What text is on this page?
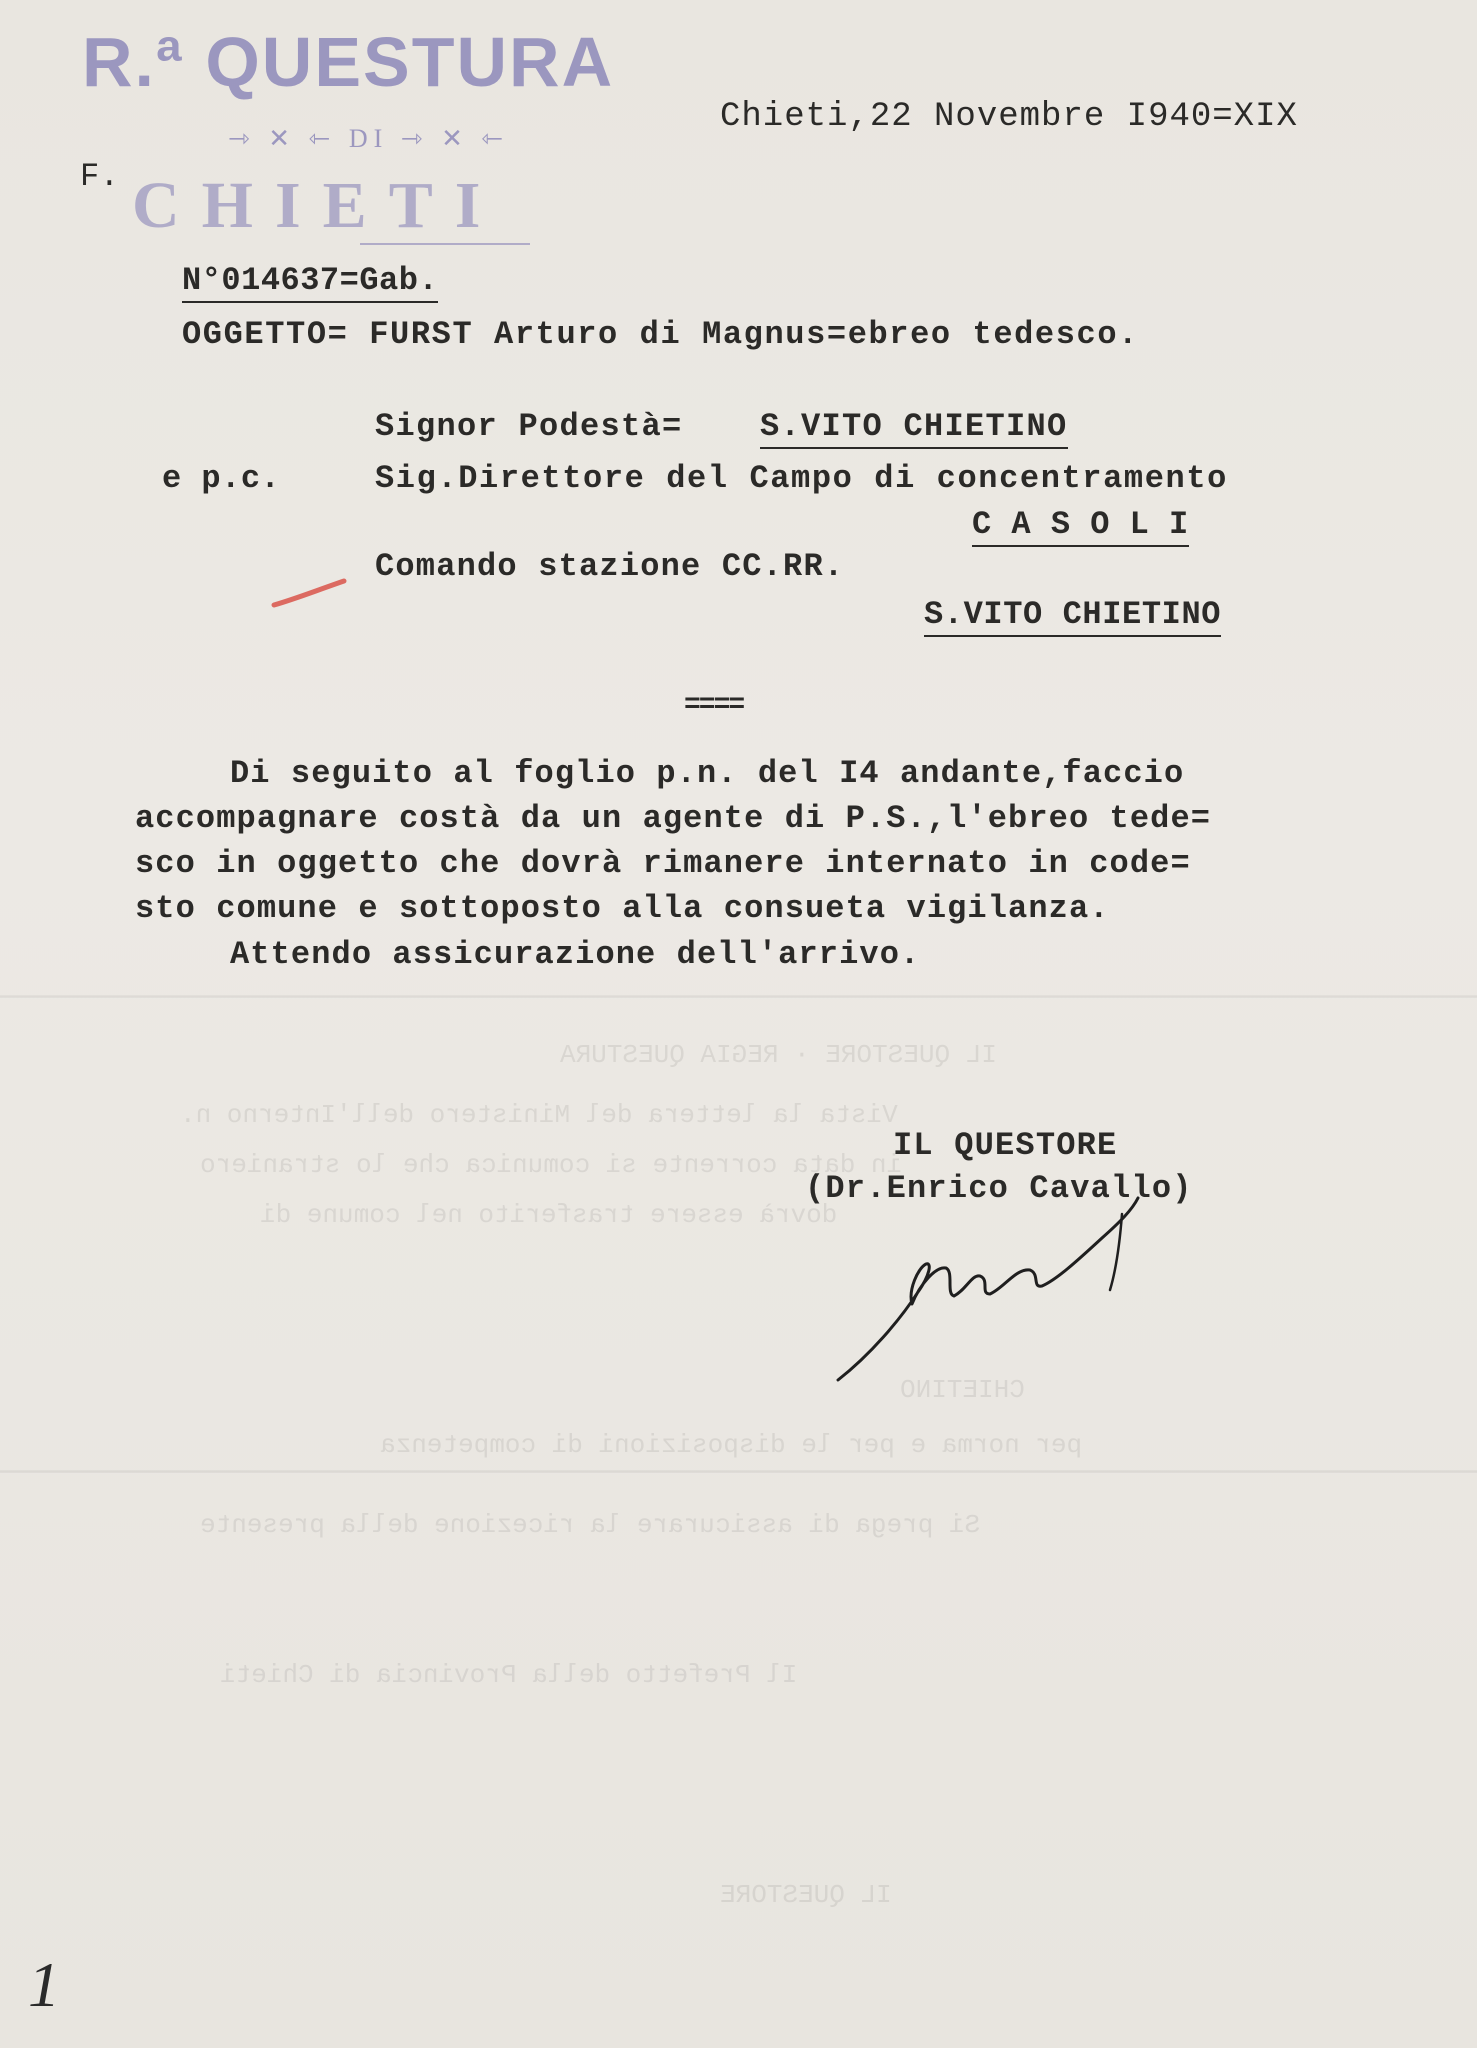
IL QUESTORE · REGIA QUESTURA
Vista la lettera del Ministero dell'Interno n.
in data corrente si comunica che lo straniero
dovrà essere trasferito nel comune di
CHIETINO
per norma e per le disposizioni di competenza
Si prega di assicurare la ricezione della presente
Il Prefetto della Provincia di Chieti
IL QUESTORE
R.ª QUESTURA
⇾ ✕ ⇽ DI ⇾ ✕ ⇽
CHIETI
F.
Chieti,22 Novembre I940=XIX
N°014637=Gab.
OGGETTO= FURST Arturo di Magnus=ebreo tedesco.
Signor Podestà= S.VITO CHIETINO
e p.c.	Sig.Direttore del Campo di concentramento
C A S O L I
Comando stazione CC.RR.
S.VITO CHIETINO
====
Di seguito al foglio p.n. del I4 andante,faccio
accompagnare costà da un agente di P.S.,l'ebreo tede=
sco in oggetto che dovrà rimanere internato in code=
sto comune e sottoposto alla consueta vigilanza.
Attendo assicurazione dell'arrivo.
IL QUESTORE
(Dr.Enrico Cavallo)
1
